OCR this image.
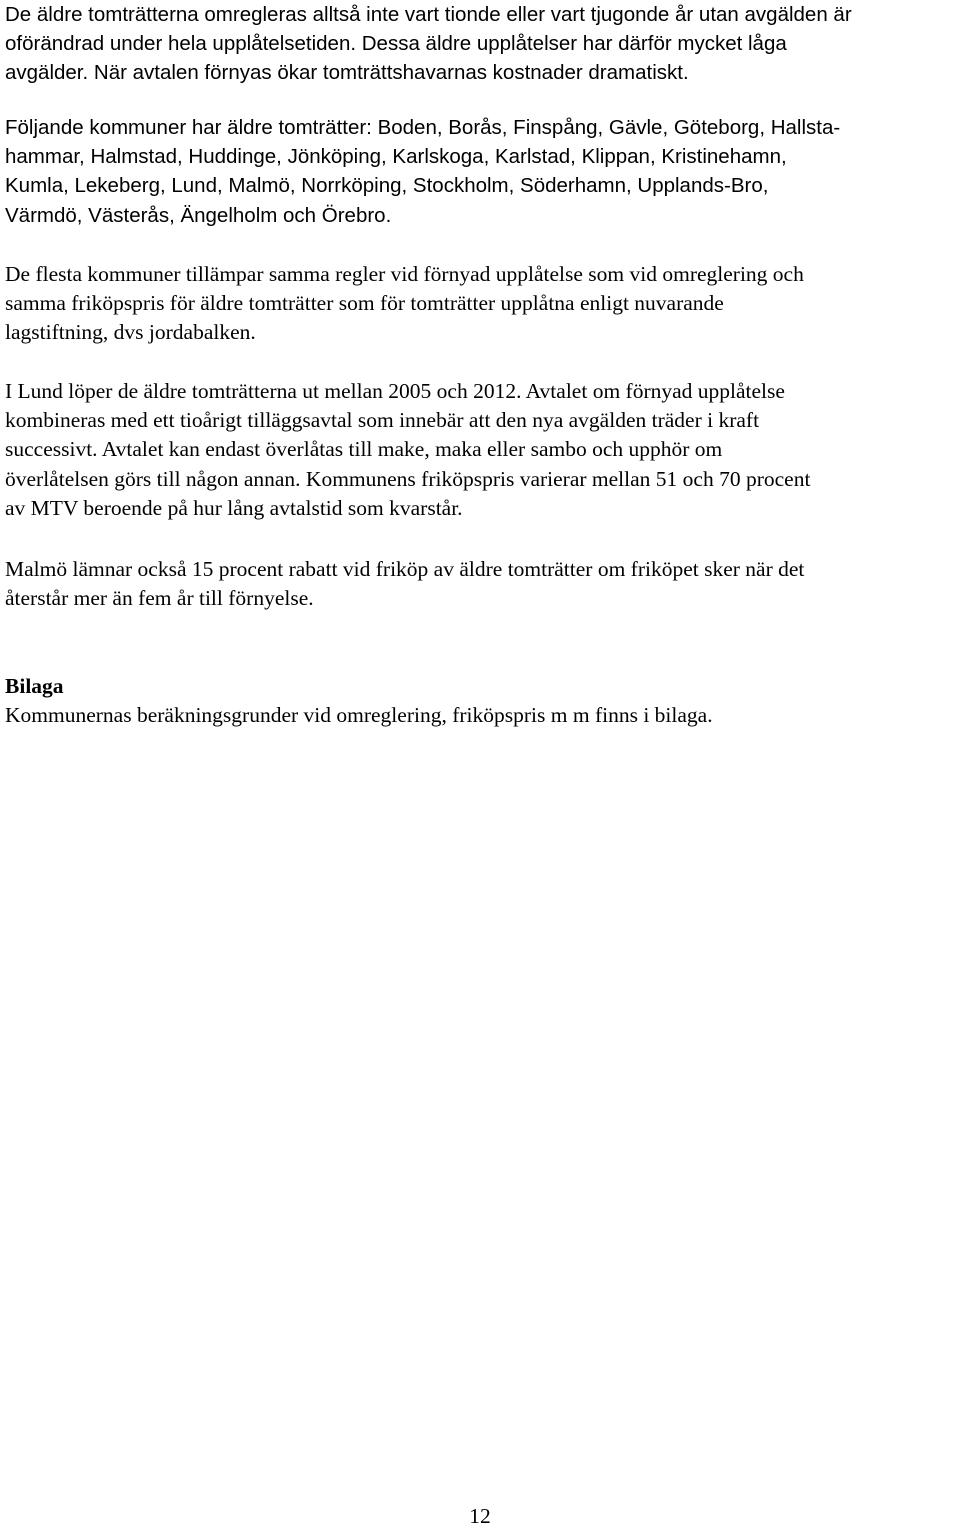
De äldre tomträtterna omregleras alltså inte vart tionde eller vart tjugonde år utan avgälden är
oförändrad under hela upplåtelsetiden. Dessa äldre upplåtelser har därför mycket låga
avgälder. När avtalen förnyas ökar tomträttshavarnas kostnader dramatiskt.
Följande kommuner har äldre tomträtter: Boden, Borås, Finspång, Gävle, Göteborg, Hallsta-
hammar, Halmstad, Huddinge, Jönköping, Karlskoga, Karlstad, Klippan, Kristinehamn,
Kumla, Lekeberg, Lund, Malmö, Norrköping, Stockholm, Söderhamn, Upplands-Bro,
Värmdö, Västerås, Ängelholm och Örebro.
De flesta kommuner tillämpar samma regler vid förnyad upplåtelse som vid omreglering och
samma friköpspris för äldre tomträtter som för tomträtter upplåtna enligt nuvarande
lagstiftning, dvs jordabalken.
I Lund löper de äldre tomträtterna ut mellan 2005 och 2012. Avtalet om förnyad upplåtelse
kombineras med ett tioårigt tilläggsavtal som innebär att den nya avgälden träder i kraft
successivt. Avtalet kan endast överlåtas till make, maka eller sambo och upphör om
överlåtelsen görs till någon annan. Kommunens friköpspris varierar mellan 51 och 70 procent
av MTV beroende på hur lång avtalstid som kvarstår.
Malmö lämnar också 15 procent rabatt vid friköp av äldre tomträtter om friköpet sker när det
återstår mer än fem år till förnyelse.

Bilaga

Kommunernas beräkningsgrunder vid omreglering, friköpspris m m finns i bilaga.

12
